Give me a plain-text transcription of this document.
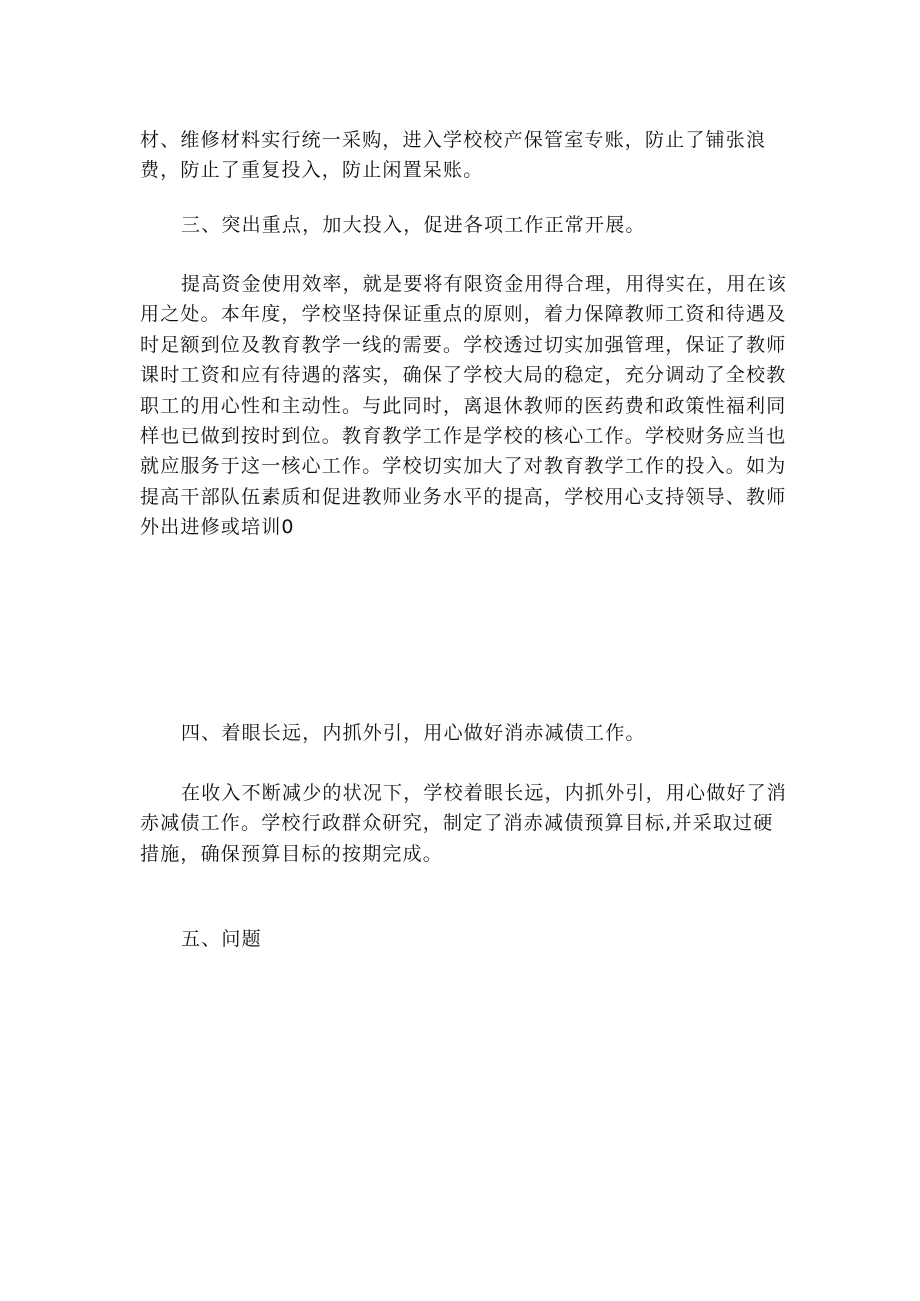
材、维修材料实行统一采购，进入学校校产保管室专账，防止了铺张浪
费，防止了重复投入，防止闲置呆账。
三、突出重点，加大投入，促进各项工作正常开展。
提高资金使用效率，就是要将有限资金用得合理，用得实在，用在该
用之处。本年度，学校坚持保证重点的原则，着力保障教师工资和待遇及
时足额到位及教育教学一线的需要。学校透过切实加强管理，保证了教师
课时工资和应有待遇的落实，确保了学校大局的稳定，充分调动了全校教
职工的用心性和主动性。与此同时，离退休教师的医药费和政策性福利同
样也已做到按时到位。教育教学工作是学校的核心工作。学校财务应当也
就应服务于这一核心工作。学校切实加大了对教育教学工作的投入。如为
提高干部队伍素质和促进教师业务水平的提高，学校用心支持领导、教师
外出进修或培训0
四、着眼长远，内抓外引，用心做好消赤减债工作。
在收入不断减少的状况下，学校着眼长远，内抓外引，用心做好了消
赤减债工作。学校行政群众研究，制定了消赤减债预算目标,并采取过硬
措施，确保预算目标的按期完成。
五、问题
